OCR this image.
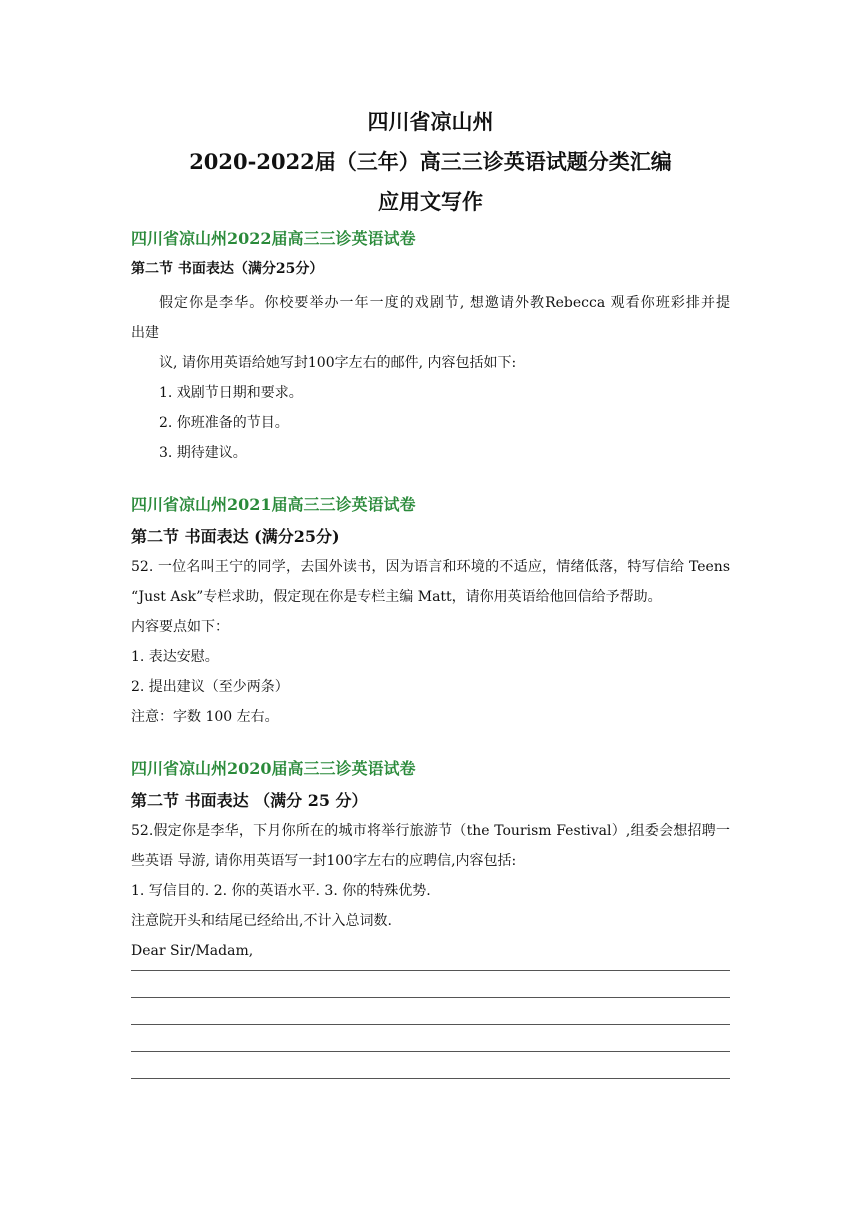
四川省凉山州
2020-2022届（三年）高三三诊英语试题分类汇编
应用文写作
四川省凉山州2022届高三三诊英语试卷
第二节 书面表达（满分25分）

假定你是李华。你校要举办一年一度的戏剧节, 想邀请外教Rebecca 观看你班彩排并提

出建

议, 请你用英语给她写封100字左右的邮件, 内容包括如下:

1. 戏剧节日期和要求。

2. 你班准备的节目。

3. 期待建议。

四川省凉山州2021届高三三诊英语试卷
第二节 书面表达 (满分25分)

52. 一位名叫王宁的同学，去国外读书，因为语言和环境的不适应，情绪低落，特写信给 Teens

“Just Ask”专栏求助，假定现在你是专栏主编 Matt，请你用英语给他回信给予帮助。

内容要点如下：

1. 表达安慰。

2. 提出建议（至少两条）

注意：字数 100 左右。

四川省凉山州2020届高三三诊英语试卷
第二节 书面表达 （满分 25 分）

52.假定你是李华，下月你所在的城市将举行旅游节（the Tourism Festival）,组委会想招聘一

些英语 导游, 请你用英语写一封100字左右的应聘信,内容包括:

1. 写信目的. 2. 你的英语水平. 3. 你的特殊优势.

注意院开头和结尾已经给出,不计入总词数.

Dear Sir/Madam,
